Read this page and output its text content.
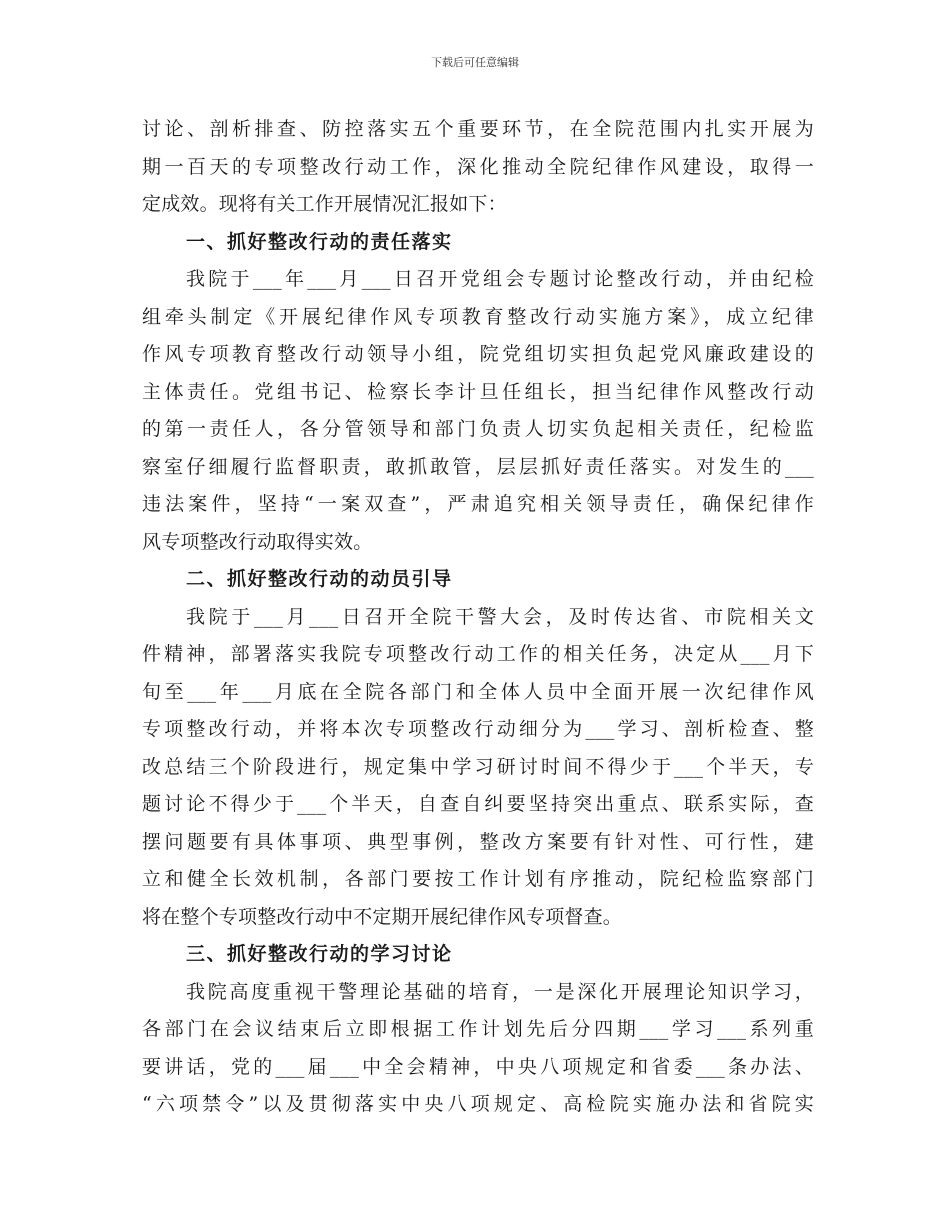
下载后可任意编辑
讨论、剖析排查、防控落实五个重要环节，在全院范围内扎实开展为
期一百天的专项整改行动工作，深化推动全院纪律作风建设，取得一
定成效。现将有关工作开展情况汇报如下：
一、抓好整改行动的责任落实
我院于___年___月___日召开党组会专题讨论整改行动，并由纪检
组牵头制定《开展纪律作风专项教育整改行动实施方案》，成立纪律
作风专项教育整改行动领导小组，院党组切实担负起党风廉政建设的
主体责任。党组书记、检察长李计旦任组长，担当纪律作风整改行动
的第一责任人，各分管领导和部门负责人切实负起相关责任，纪检监
察室仔细履行监督职责，敢抓敢管，层层抓好责任落实。对发生的___
违法案件，坚持“一案双查”，严肃追究相关领导责任，确保纪律作
风专项整改行动取得实效。
二、抓好整改行动的动员引导
我院于___月___日召开全院干警大会，及时传达省、市院相关文
件精神，部署落实我院专项整改行动工作的相关任务，决定从___月下
旬至___年___月底在全院各部门和全体人员中全面开展一次纪律作风
专项整改行动，并将本次专项整改行动细分为___学习、剖析检查、整
改总结三个阶段进行，规定集中学习研讨时间不得少于___个半天，专
题讨论不得少于___个半天，自查自纠要坚持突出重点、联系实际，查
摆问题要有具体事项、典型事例，整改方案要有针对性、可行性，建
立和健全长效机制，各部门要按工作计划有序推动，院纪检监察部门
将在整个专项整改行动中不定期开展纪律作风专项督查。
三、抓好整改行动的学习讨论
我院高度重视干警理论基础的培育，一是深化开展理论知识学习，
各部门在会议结束后立即根据工作计划先后分四期___学习___系列重
要讲话，党的___届___中全会精神，中央八项规定和省委___条办法、
“六项禁令”以及贯彻落实中央八项规定、高检院实施办法和省院实
